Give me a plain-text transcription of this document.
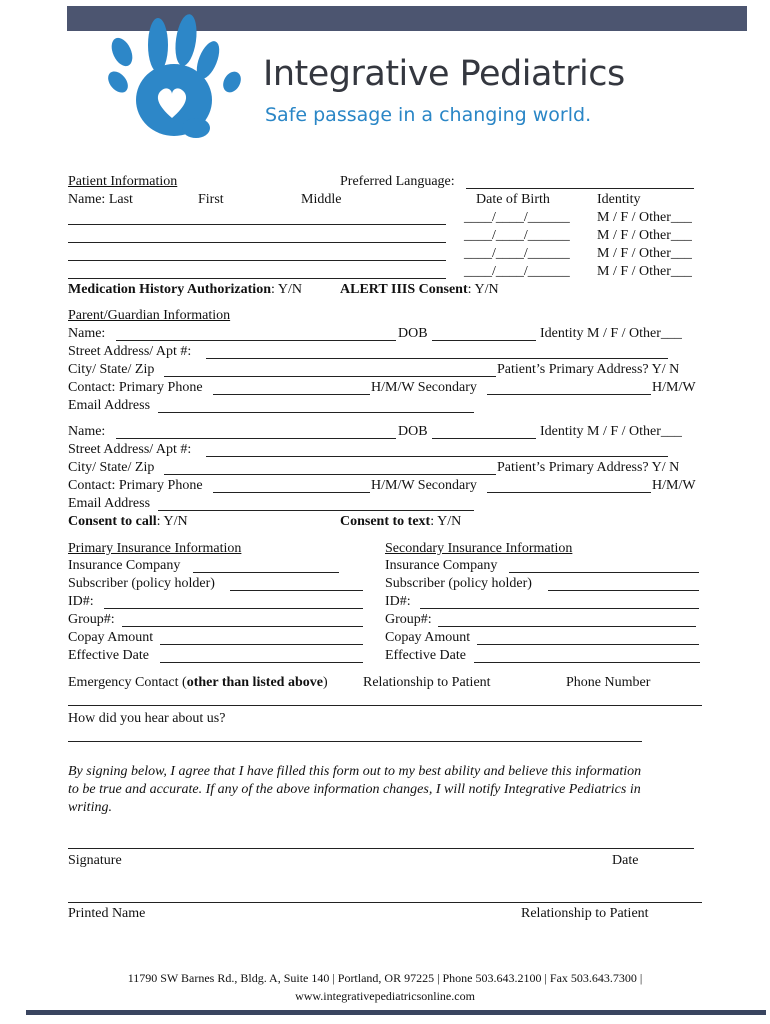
Integrative Pediatrics
Safe passage in a changing world.
Patient Information	Preferred Language:
Name: Last	First	Middle	Date of Birth	Identity
____/____/______ M / F / Other___
____/____/______ M / F / Other___
____/____/______ M / F / Other___
____/____/______ M / F / Other___
Medication History Authorization: Y/N	ALERT IIIS Consent: Y/N
Parent/Guardian Information
Name:	DOB	Identity M / F / Other___
Street Address/ Apt #:
City/ State/ Zip	Patient’s Primary Address? Y/ N
Contact: Primary Phone	H/M/W Secondary	H/M/W
Email Address
Name:	DOB	Identity M / F / Other___
Street Address/ Apt #:
City/ State/ Zip	Patient’s Primary Address? Y/ N
Contact: Primary Phone	H/M/W Secondary	H/M/W
Email Address
Consent to call: Y/N	Consent to text: Y/N
Primary Insurance Information	Secondary Insurance Information
Insurance Company	Insurance Company
Subscriber (policy holder)	Subscriber (policy holder)
ID#:	ID#:
Group#:	Group#:
Copay Amount	Copay Amount
Effective Date	Effective Date
Emergency Contact (other than listed above)	Relationship to Patient	Phone Number
How did you hear about us?
By signing below, I agree that I have filled this form out to my best ability and believe this information
to be true and accurate. If any of the above information changes, I will notify Integrative Pediatrics in
writing.
Signature	Date
Printed Name	Relationship to Patient
11790 SW Barnes Rd., Bldg. A, Suite 140 | Portland, OR 97225 | Phone 503.643.2100 | Fax 503.643.7300 |
www.integrativepediatricsonline.com
